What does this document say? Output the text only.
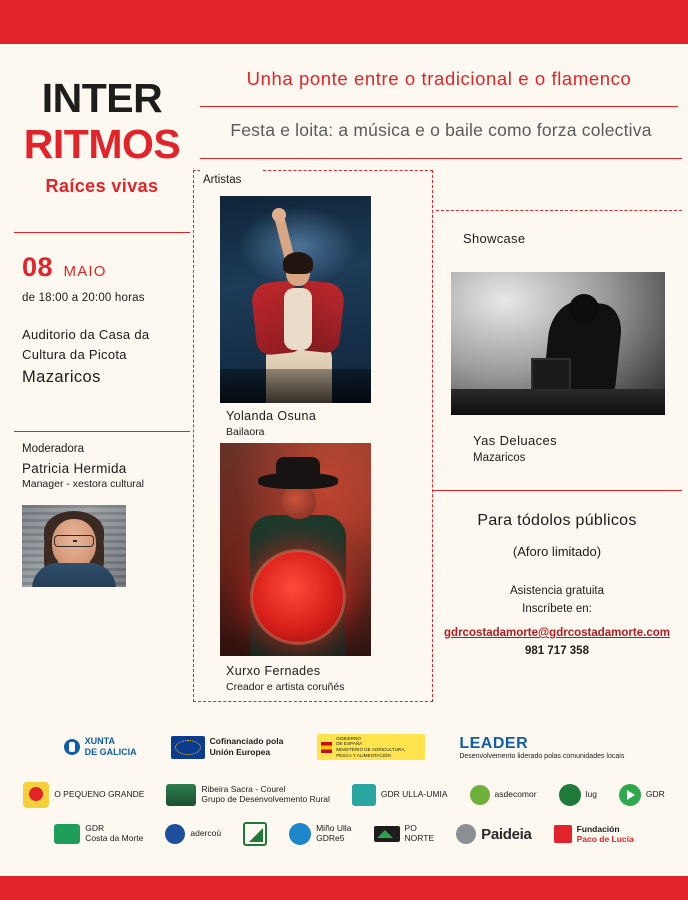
INTER
RITMOS
Raíces vivas
08 MAIO
de 18:00 a 20:00 horas
Auditorio da Casa da
Cultura da Picota
Mazaricos
Moderadora
Patricia Hermida
Manager - xestora cultural
Unha ponte entre o tradicional e o flamenco
Festa e loita: a música e o baile como forza colectiva
Artistas
Yolanda Osuna
Bailaora
Xurxo Fernades
Creador e artista coruñés
Showcase
Yas Deluaces
Mazaricos
Para tódolos públicos
(Aforo limitado)
Asistencia gratuita
Inscríbete en:
gdrcostadamorte@gdrcostadamorte.com
981 717 358
XUNTA
DE GALICIA
Cofinanciado pola
Unión Europea
GOBIERNO
DE ESPAÑA
MINISTERIO DE AGRICULTURA, PESCA Y ALIMENTACIÓN
LEADER
Desenvolvemento liderado polas comunidades locais
O PEQUENO GRANDE	Ribeira Sacra - Courel
Grupo de Desenvolvemento Rural	GDR ULLA-UMIA	asdecomor	lug	GDR
GDR
Costa da Morte	adercoù	Miño Ulla
GDRe5
PO
NORTE	Paideia	Fundación
Paco de Lucía
